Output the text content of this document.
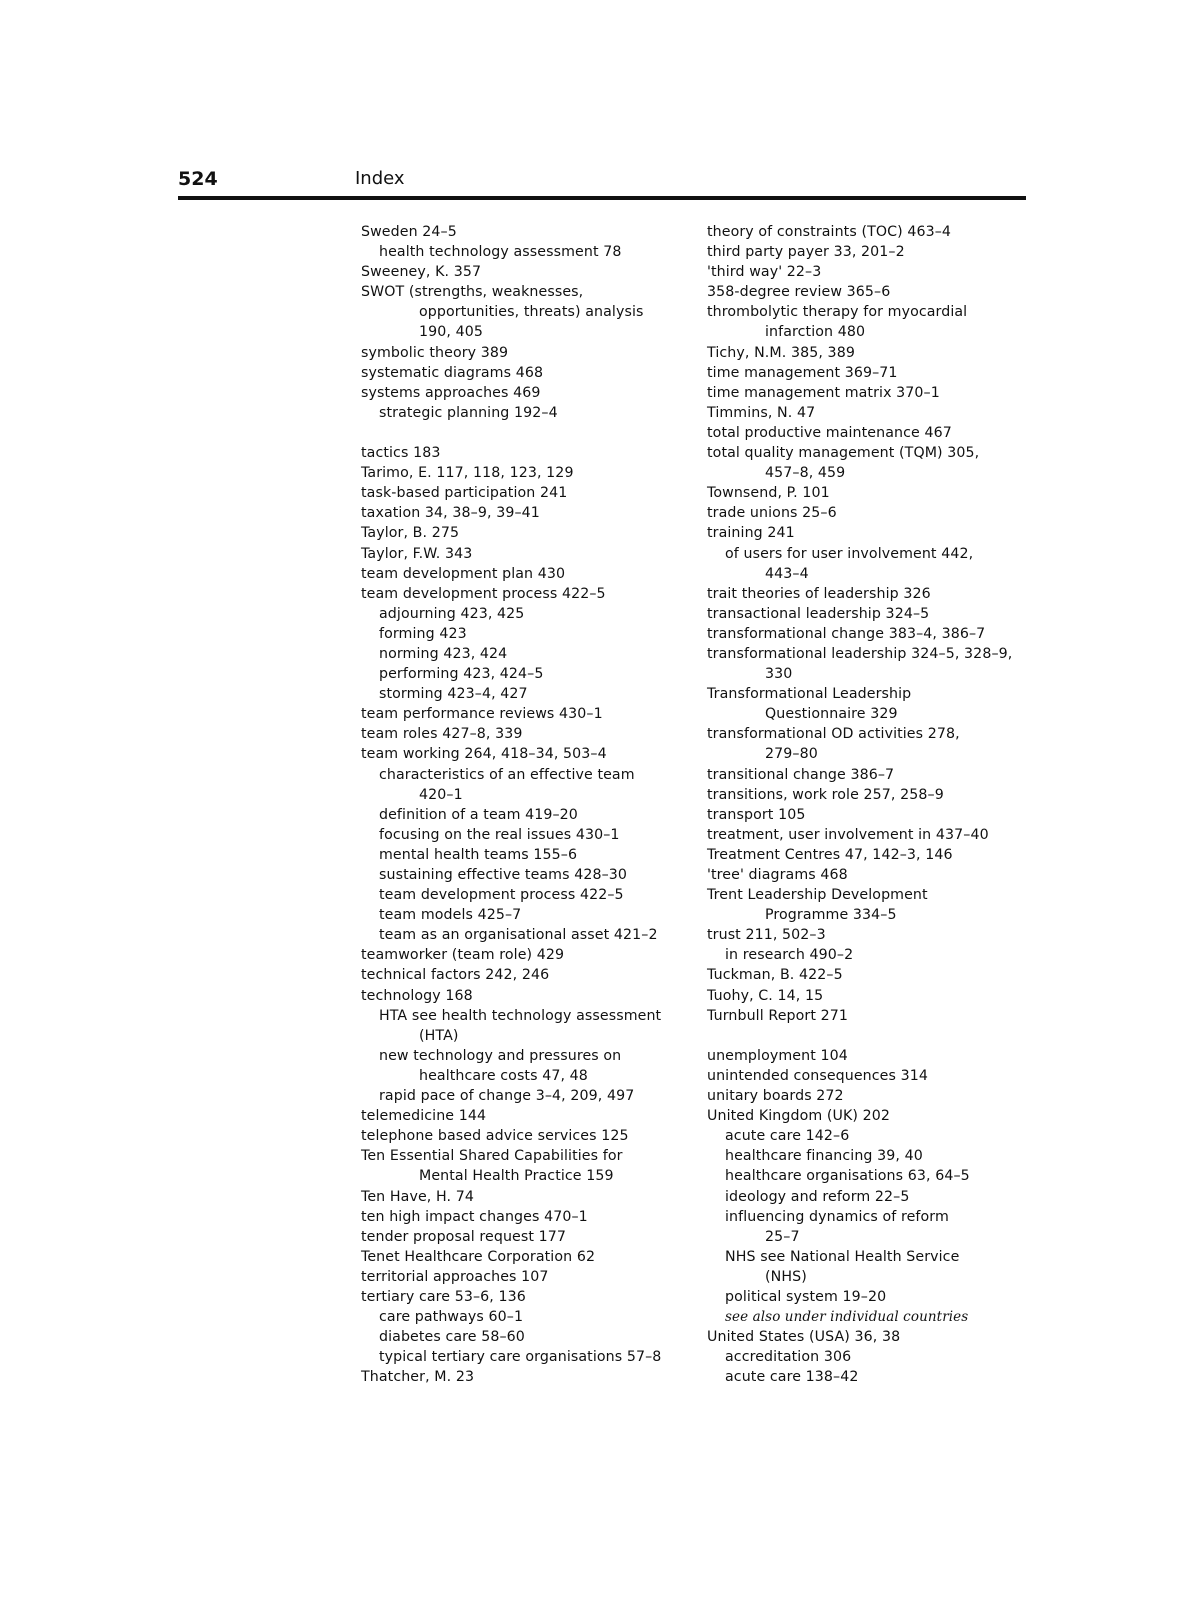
524	Index
Sweden 24–5
health technology assessment 78
Sweeney, K. 357
SWOT (strengths, weaknesses,
opportunities, threats) analysis
190, 405
symbolic theory 389
systematic diagrams 468
systems approaches 469
strategic planning 192–4
tactics 183
Tarimo, E. 117, 118, 123, 129
task-based participation 241
taxation 34, 38–9, 39–41
Taylor, B. 275
Taylor, F.W. 343
team development plan 430
team development process 422–5
adjourning 423, 425
forming 423
norming 423, 424
performing 423, 424–5
storming 423–4, 427
team performance reviews 430–1
team roles 427–8, 339
team working 264, 418–34, 503–4
characteristics of an effective team
420–1
definition of a team 419–20
focusing on the real issues 430–1
mental health teams 155–6
sustaining effective teams 428–30
team development process 422–5
team models 425–7
team as an organisational asset 421–2
teamworker (team role) 429
technical factors 242, 246
technology 168
HTA see health technology assessment
(HTA)
new technology and pressures on
healthcare costs 47, 48
rapid pace of change 3–4, 209, 497
telemedicine 144
telephone based advice services 125
Ten Essential Shared Capabilities for
Mental Health Practice 159
Ten Have, H. 74
ten high impact changes 470–1
tender proposal request 177
Tenet Healthcare Corporation 62
territorial approaches 107
tertiary care 53–6, 136
care pathways 60–1
diabetes care 58–60
typical tertiary care organisations 57–8
Thatcher, M. 23
theory of constraints (TOC) 463–4
third party payer 33, 201–2
'third way' 22–3
358-degree review 365–6
thrombolytic therapy for myocardial
infarction 480
Tichy, N.M. 385, 389
time management 369–71
time management matrix 370–1
Timmins, N. 47
total productive maintenance 467
total quality management (TQM) 305,
457–8, 459
Townsend, P. 101
trade unions 25–6
training 241
of users for user involvement 442,
443–4
trait theories of leadership 326
transactional leadership 324–5
transformational change 383–4, 386–7
transformational leadership 324–5, 328–9,
330
Transformational Leadership
Questionnaire 329
transformational OD activities 278,
279–80
transitional change 386–7
transitions, work role 257, 258–9
transport 105
treatment, user involvement in 437–40
Treatment Centres 47, 142–3, 146
'tree' diagrams 468
Trent Leadership Development
Programme 334–5
trust 211, 502–3
in research 490–2
Tuckman, B. 422–5
Tuohy, C. 14, 15
Turnbull Report 271
unemployment 104
unintended consequences 314
unitary boards 272
United Kingdom (UK) 202
acute care 142–6
healthcare financing 39, 40
healthcare organisations 63, 64–5
ideology and reform 22–5
influencing dynamics of reform
25–7
NHS see National Health Service
(NHS)
political system 19–20
see also under individual countries
United States (USA) 36, 38
accreditation 306
acute care 138–42
